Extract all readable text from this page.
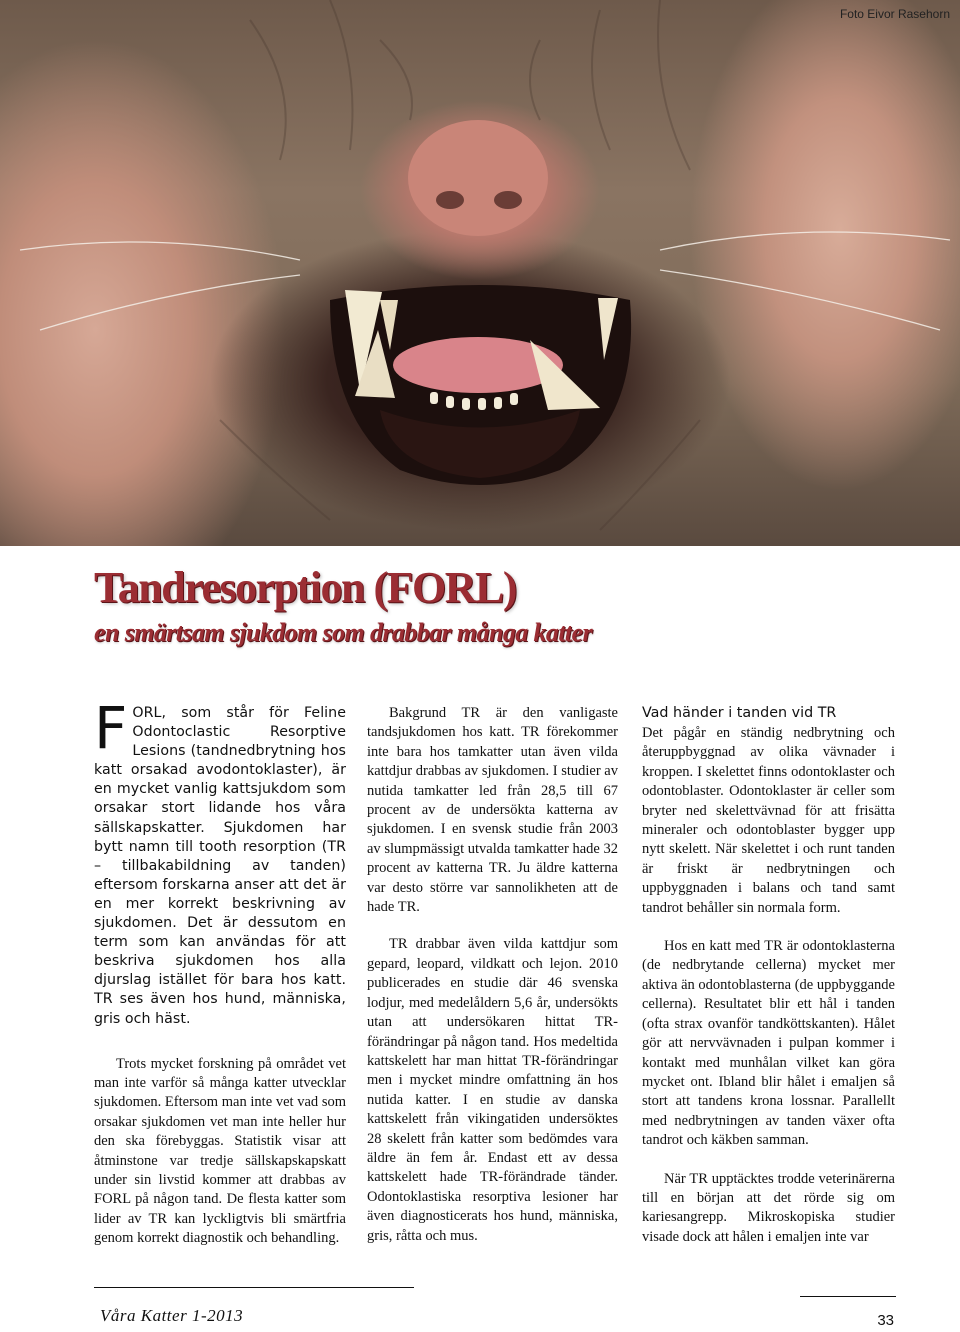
Foto Eivor Rasehorn
Tandresorption (FORL)
en smärtsam sjukdom som drabbar många katter

FORL, som står för Feline Odontoclastic Resorptive Lesions (tandnedbrytning hos katt orsakad avodontoklaster), är en mycket vanlig kattsjukdom som orsakar stort lidande hos våra sällskapskatter. Sjukdomen har bytt namn till tooth resorption (TR – tillbakabildning av tanden) eftersom forskarna anser att det är en mer korrekt beskrivning av sjukdomen. Det är dessutom en term som kan användas för att beskriva sjukdomen hos alla djurslag istället för bara hos katt. TR ses även hos hund, människa, gris och häst.

Trots mycket forskning på området vet man inte varför så många katter utvecklar sjukdomen. Eftersom man inte vet vad som orsakar sjukdomen vet man inte heller hur den ska förebyggas. Statistik visar att åtminstone var tredje sällskapskapskatt under sin livstid kommer att drabbas av FORL på någon tand. De flesta katter som lider av TR kan lyckligtvis bli smärtfria genom korrekt diagnostik och behandling.

Bakgrund TR är den vanligaste tandsjukdomen hos katt. TR förekommer inte bara hos tamkatter utan även vilda kattdjur drabbas av sjukdomen. I studier av nutida tamkatter led från 28,5 till 67 procent av de undersökta katterna av sjukdomen. I en svensk studie från 2003 av slumpmässigt utvalda tamkatter hade 32 procent av katterna TR. Ju äldre katterna var desto större var sannolikheten att de hade TR.

TR drabbar även vilda kattdjur som gepard, leopard, vildkatt och lejon. 2010 publicerades en studie där 46 svenska lodjur, med medelåldern 5,6 år, undersökts utan att undersökaren hittat TR-förändringar på någon tand. Hos medeltida kattskelett har man hittat TR-förändringar men i mycket mindre omfattning än hos nutida katter. I en studie av danska kattskelett från vikingatiden undersöktes 28 skelett från katter som bedömdes vara äldre än fem år. Endast ett av dessa kattskelett hade TR-förändrade tänder. Odontoklastiska resorptiva lesioner har även diagnosticerats hos hund, människa, gris, råtta och mus.

Vad händer i tanden vid TR

Det pågår en ständig nedbrytning och återuppbyggnad av olika vävnader i kroppen. I skelettet finns odontoklaster och odontoblaster. Odontoklaster är celler som bryter ned skelettvävnad för att frisätta mineraler och odontoblaster bygger upp nytt skelett. När skelettet i och runt tanden är friskt är nedbrytningen och uppbyggnaden i balans och tand samt tandrot behåller sin normala form.

Hos en katt med TR är odontoklasterna (de nedbrytande cellerna) mycket mer aktiva än odontoblasterna (de uppbyggande cellerna). Resultatet blir ett hål i tanden (ofta strax ovanför tandköttskanten). Hålet gör att nervvävnaden i pulpan kommer i kontakt med munhålan vilket kan göra mycket ont. Ibland blir hålet i emaljen så stort att tandens krona lossnar. Parallellt med nedbrytningen av tanden växer ofta tandrot och käkben samman.

När TR upptäcktes trodde veterinärerna till en början att det rörde sig om kariesangrepp. Mikroskopiska studier visade dock att hålen i emaljen inte var

Våra Katter 1-2013	33
